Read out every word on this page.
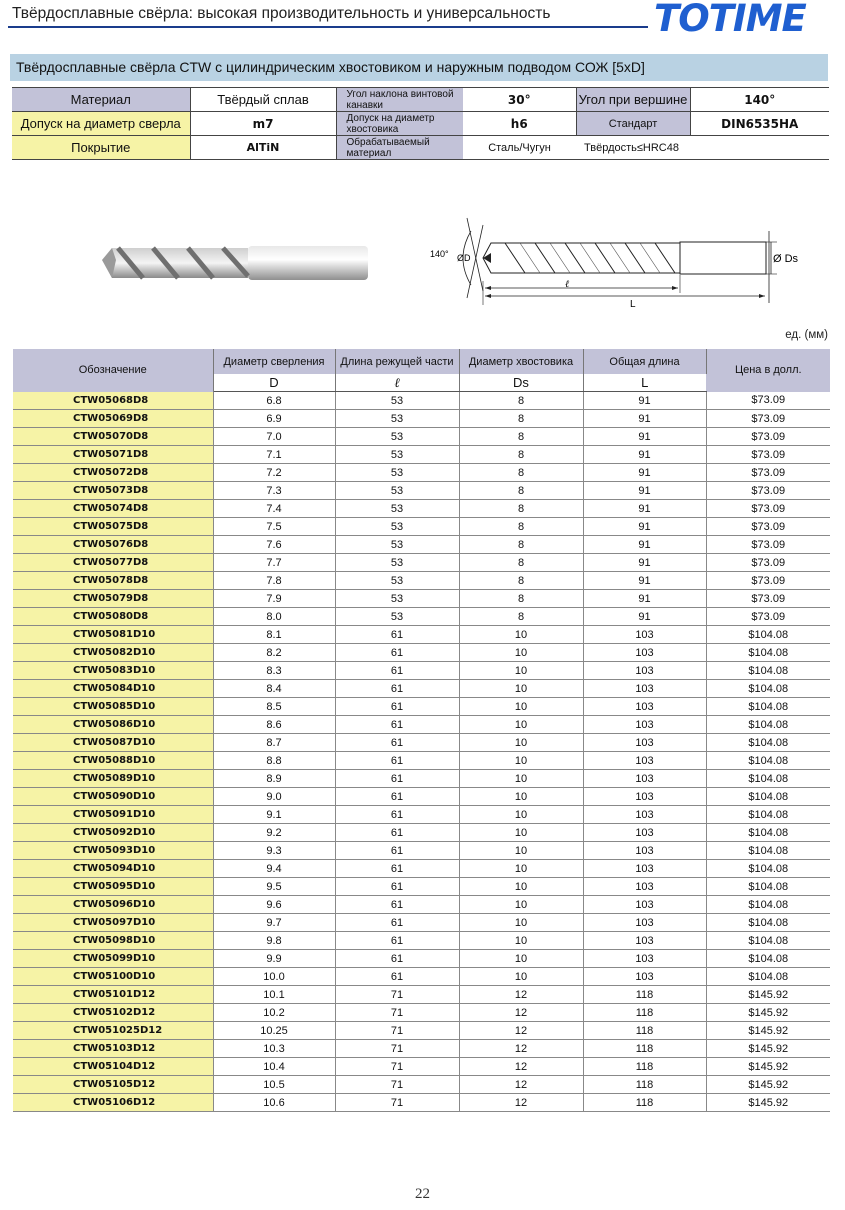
Твёрдосплавные свёрла: высокая производительность и универсальность	TOTIME
Твёрдосплавные свёрла CTW с цилиндрическим хвостовиком и наружным подводом СОЖ [5xD]
Материал	Твёрдый сплав	Угол наклона винтовой канавки	30°	Угол при вершине	140°
Допуск на диаметр сверла	m7	Допуск на диаметр хвостовика	h6	Стандарт	DIN6535HA
Покрытие	AlTiN	Обрабатываемый материал	Сталь/Чугун	Твёрдость≤HRC48	
140° ØD	Ø Ds
ℓ
L
ед. (мм)
Обозначение	Диаметр сверления	Длина режущей части	Диаметр хвостовика	Общая длина	Цена в долл.
	D	ℓ	Ds	L	
CTW05068D8	6.8	53	8	91	$73.09
CTW05069D8	6.9	53	8	91	$73.09
CTW05070D8	7.0	53	8	91	$73.09
CTW05071D8	7.1	53	8	91	$73.09
CTW05072D8	7.2	53	8	91	$73.09
CTW05073D8	7.3	53	8	91	$73.09
CTW05074D8	7.4	53	8	91	$73.09
CTW05075D8	7.5	53	8	91	$73.09
CTW05076D8	7.6	53	8	91	$73.09
CTW05077D8	7.7	53	8	91	$73.09
CTW05078D8	7.8	53	8	91	$73.09
CTW05079D8	7.9	53	8	91	$73.09
CTW05080D8	8.0	53	8	91	$73.09
CTW05081D10	8.1	61	10	103	$104.08
CTW05082D10	8.2	61	10	103	$104.08
CTW05083D10	8.3	61	10	103	$104.08
CTW05084D10	8.4	61	10	103	$104.08
CTW05085D10	8.5	61	10	103	$104.08
CTW05086D10	8.6	61	10	103	$104.08
CTW05087D10	8.7	61	10	103	$104.08
CTW05088D10	8.8	61	10	103	$104.08
CTW05089D10	8.9	61	10	103	$104.08
CTW05090D10	9.0	61	10	103	$104.08
CTW05091D10	9.1	61	10	103	$104.08
CTW05092D10	9.2	61	10	103	$104.08
CTW05093D10	9.3	61	10	103	$104.08
CTW05094D10	9.4	61	10	103	$104.08
CTW05095D10	9.5	61	10	103	$104.08
CTW05096D10	9.6	61	10	103	$104.08
CTW05097D10	9.7	61	10	103	$104.08
CTW05098D10	9.8	61	10	103	$104.08
CTW05099D10	9.9	61	10	103	$104.08
CTW05100D10	10.0	61	10	103	$104.08
CTW05101D12	10.1	71	12	118	$145.92
CTW05102D12	10.2	71	12	118	$145.92
CTW051025D12	10.25	71	12	118	$145.92
CTW05103D12	10.3	71	12	118	$145.92
CTW05104D12	10.4	71	12	118	$145.92
CTW05105D12	10.5	71	12	118	$145.92
CTW05106D12	10.6	71	12	118	$145.92
22
